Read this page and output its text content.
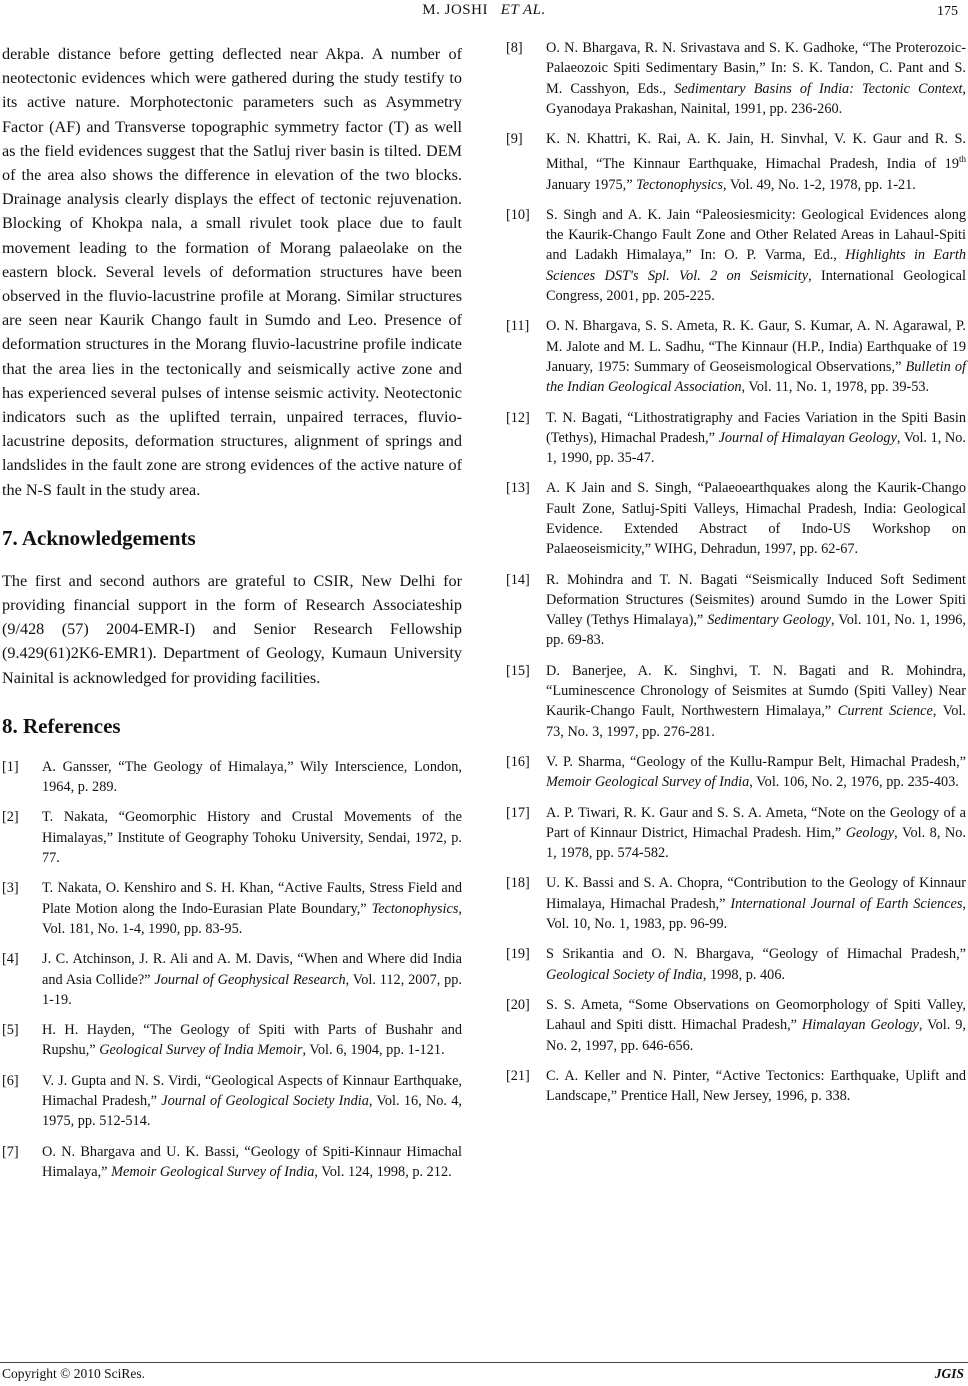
M. JOSHI ET AL.	175

derable distance before getting deflected near Akpa. A number of neotectonic evidences which were gathered during the study testify to its active nature. Morphotectonic parameters such as Asymmetry Factor (AF) and Transverse topographic symmetry factor (T) as well as the field evidences suggest that the Satluj river basin is tilted. DEM of the area also shows the difference in elevation of the two blocks. Drainage analysis clearly displays the effect of tectonic rejuvenation. Blocking of Khokpa nala, a small rivulet took place due to fault movement leading to the formation of Morang palaeolake on the eastern block. Several levels of deformation structures have been observed in the fluvio-lacustrine profile at Morang. Similar structures are seen near Kaurik Chango fault in Sumdo and Leo. Presence of deformation structures in the Morang fluvio-lacustrine profile indicate that the area lies in the tectonically and seismically active zone and has experienced several pulses of intense seismic activity. Neotectonic indicators such as the uplifted terrain, unpaired terraces, fluvio-lacustrine deposits, deformation structures, alignment of springs and landslides in the fault zone are strong evidences of the active nature of the N-S fault in the study area.

7. Acknowledgements

The first and second authors are grateful to CSIR, New Delhi for providing financial support in the form of Research Associateship (9/428 (57) 2004-EMR-I) and Senior Research Fellowship (9.429(61)2K6-EMR1). Department of Geology, Kumaun University Nainital is acknowledged for providing facilities.

8. References
[1]	A. Gansser, “The Geology of Himalaya,” Wily Interscience, London, 1964, p. 289.
[2]	T. Nakata, “Geomorphic History and Crustal Movements of the Himalayas,” Institute of Geography Tohoku University, Sendai, 1972, p. 77.
[3]	T. Nakata, O. Kenshiro and S. H. Khan, “Active Faults, Stress Field and Plate Motion along the Indo-Eurasian Plate Boundary,” Tectonophysics, Vol. 181, No. 1-4, 1990, pp. 83-95.
[4]	J. C. Atchinson, J. R. Ali and A. M. Davis, “When and Where did India and Asia Collide?” Journal of Geophysical Research, Vol. 112, 2007, pp. 1-19.
[5]	H. H. Hayden, “The Geology of Spiti with Parts of Bushahr and Rupshu,” Geological Survey of India Memoir, Vol. 6, 1904, pp. 1-121.
[6]	V. J. Gupta and N. S. Virdi, “Geological Aspects of Kinnaur Earthquake, Himachal Pradesh,” Journal of Geological Society India, Vol. 16, No. 4, 1975, pp. 512-514.
[7]	O. N. Bhargava and U. K. Bassi, “Geology of Spiti-Kinnaur Himachal Himalaya,” Memoir Geological Survey of India, Vol. 124, 1998, p. 212.
[8]	O. N. Bhargava, R. N. Srivastava and S. K. Gadhoke, “The Proterozoic-Palaeozoic Spiti Sedimentary Basin,” In: S. K. Tandon, C. Pant and S. M. Casshyon, Eds., Sedimentary Basins of India: Tectonic Context, Gyanodaya Prakashan, Nainital, 1991, pp. 236-260.
[9]	K. N. Khattri, K. Rai, A. K. Jain, H. Sinvhal, V. K. Gaur and R. S. Mithal, “The Kinnaur Earthquake, Himachal Pradesh, India of 19th January 1975,” Tectonophysics, Vol. 49, No. 1-2, 1978, pp. 1-21.
[10]	S. Singh and A. K. Jain “Paleosiesmicity: Geological Evidences along the Kaurik-Chango Fault Zone and Other Related Areas in Lahaul-Spiti and Ladakh Himalaya,” In: O. P. Varma, Ed., Highlights in Earth Sciences DST's Spl. Vol. 2 on Seismicity, International Geological Congress, 2001, pp. 205-225.
[11]	O. N. Bhargava, S. S. Ameta, R. K. Gaur, S. Kumar, A. N. Agarawal, P. M. Jalote and M. L. Sadhu, “The Kinnaur (H.P., India) Earthquake of 19 January, 1975: Summary of Geoseismological Observations,” Bulletin of the Indian Geological Association, Vol. 11, No. 1, 1978, pp. 39-53.
[12]	T. N. Bagati, “Lithostratigraphy and Facies Variation in the Spiti Basin (Tethys), Himachal Pradesh,” Journal of Himalayan Geology, Vol. 1, No. 1, 1990, pp. 35-47.
[13]	A. K Jain and S. Singh, “Palaeoearthquakes along the Kaurik-Chango Fault Zone, Satluj-Spiti Valleys, Himachal Pradesh, India: Geological Evidence. Extended Abstract of Indo-US Workshop on Palaeoseismicity,” WIHG, Dehradun, 1997, pp. 62-67.
[14]	R. Mohindra and T. N. Bagati “Seismically Induced Soft Sediment Deformation Structures (Seismites) around Sumdo in the Lower Spiti Valley (Tethys Himalaya),” Sedimentary Geology, Vol. 101, No. 1, 1996, pp. 69-83.
[15]	D. Banerjee, A. K. Singhvi, T. N. Bagati and R. Mohindra, “Luminescence Chronology of Seismites at Sumdo (Spiti Valley) Near Kaurik-Chango Fault, Northwestern Himalaya,” Current Science, Vol. 73, No. 3, 1997, pp. 276-281.
[16]	V. P. Sharma, “Geology of the Kullu-Rampur Belt, Himachal Pradesh,” Memoir Geological Survey of India, Vol. 106, No. 2, 1976, pp. 235-403.
[17]	A. P. Tiwari, R. K. Gaur and S. S. A. Ameta, “Note on the Geology of a Part of Kinnaur District, Himachal Pradesh. Him,” Geology, Vol. 8, No. 1, 1978, pp. 574-582.
[18]	U. K. Bassi and S. A. Chopra, “Contribution to the Geology of Kinnaur Himalaya, Himachal Pradesh,” International Journal of Earth Sciences, Vol. 10, No. 1, 1983, pp. 96-99.
[19]	S Srikantia and O. N. Bhargava, “Geology of Himachal Pradesh,” Geological Society of India, 1998, p. 406.
[20]	S. S. Ameta, “Some Observations on Geomorphology of Spiti Valley, Lahaul and Spiti distt. Himachal Pradesh,” Himalayan Geology, Vol. 9, No. 2, 1997, pp. 646-656.
[21]	C. A. Keller and N. Pinter, “Active Tectonics: Earthquake, Uplift and Landscape,” Prentice Hall, New Jersey, 1996, p. 338.
Copyright © 2010 SciRes.	JGIS
